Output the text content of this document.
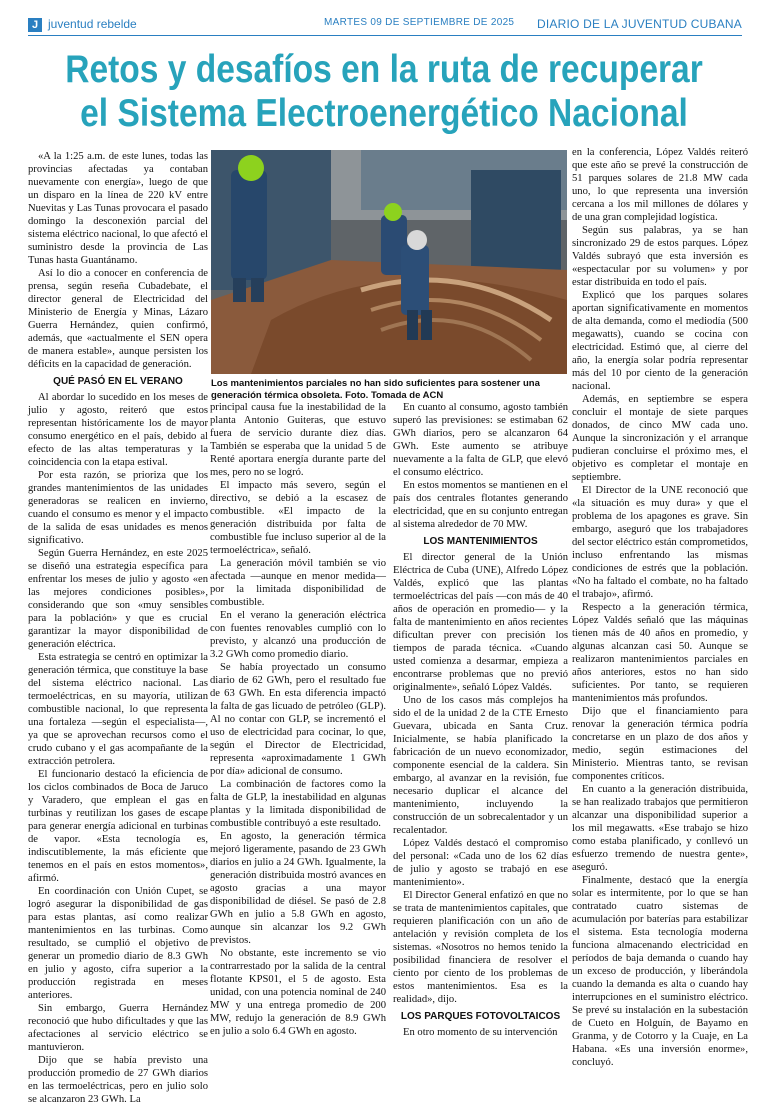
J juventud rebelde	MARTES 09 DE SEPTIEMBRE DE 2025 DIARIO DE LA JUVENTUD CUBANA
Retos y desafíos en la ruta de recuperar
el Sistema Electroenergético Nacional

«A la 1:25 a.m. de este lunes, todas las provincias afectadas ya contaban nuevamente con energía», luego de que un disparo en la línea de 220 kV entre Nuevitas y Las Tunas provocara el pasado domingo la desconexión parcial del sistema eléctrico nacional, lo que afectó el suministro desde la provincia de Las Tunas hasta Guantánamo.

Así lo dio a conocer en conferencia de prensa, según reseña Cubadebate, el director general de Electricidad del Ministerio de Energía y Minas, Lázaro Guerra Hernández, quien confirmó, además, que «actualmente el SEN opera de manera estable», aunque persisten los déficits en la capacidad de generación.

QUÉ PASÓ EN EL VERANO

Al abordar lo sucedido en los meses de julio y agosto, reiteró que estos representan históricamente los de mayor consumo energético en el país, debido al efecto de las altas temperaturas y la coincidencia con la etapa estival.

Por esta razón, se prioriza que los grandes mantenimientos de las unidades generadoras se realicen en invierno, cuando el consumo es menor y el impacto de la salida de esas unidades es menos significativo.

Según Guerra Hernández, en este 2025 se diseñó una estrategia específica para enfrentar los meses de julio y agosto «en las mejores condiciones posibles», considerando que son «muy sensibles para la población» y que es crucial garantizar la mayor disponibilidad de generación eléctrica.

Esta estrategia se centró en optimizar la generación térmica, que constituye la base del sistema eléctrico nacional. Las termoeléctricas, en su mayoría, utilizan combustible nacional, lo que representa una fortaleza —según el especialista—, ya que se aprovechan recursos como el crudo cubano y el gas acompañante de la extracción petrolera.

El funcionario destacó la eficiencia de los ciclos combinados de Boca de Jaruco y Varadero, que emplean el gas en turbinas y reutilizan los gases de escape para generar energía adicional en turbinas de vapor. «Esta tecnología es, indiscutiblemente, la más eficiente que tenemos en el país en estos momentos», afirmó.

En coordinación con Unión Cupet, se logró asegurar la disponibilidad de gas para estas plantas, así como realizar mantenimientos en las turbinas. Como resultado, se cumplió el objetivo de generar un promedio diario de 8.3 GWh en julio y agosto, cifra superior a la producción registrada en meses anteriores.

Sin embargo, Guerra Hernández reconoció que hubo dificultades y que las afectaciones al servicio eléctrico se mantuvieron.

Dijo que se había previsto una producción promedio de 27 GWh diarios en las termoeléctricas, pero en julio solo se alcanzaron 23 GWh. La

Los mantenimientos parciales no han sido suficientes para sostener una generación térmica obsoleta. Foto. Tomada de ACN

principal causa fue la inestabilidad de la planta Antonio Guiteras, que estuvo fuera de servicio durante diez días. También se esperaba que la unidad 5 de Renté aportara energía durante parte del mes, pero no se logró.

El impacto más severo, según el directivo, se debió a la escasez de combustible. «El impacto de la generación distribuida por falta de combustible fue incluso superior al de la termoeléctrica», señaló.

La generación móvil también se vio afectada —aunque en menor medida— por la limitada disponibilidad de combustible.

En el verano la generación eléctrica con fuentes renovables cumplió con lo previsto, y alcanzó una producción de 3.2 GWh como promedio diario.

Se había proyectado un consumo diario de 62 GWh, pero el resultado fue de 63 GWh. En esta diferencia impactó la falta de gas licuado de petróleo (GLP). Al no contar con GLP, se incrementó el uso de electricidad para cocinar, lo que, según el Director de Electricidad, representa «aproximadamente 1 GWh por día» adicional de consumo.

La combinación de factores como la falta de GLP, la inestabilidad en algunas plantas y la limitada disponibilidad de combustible contribuyó a este resultado.

En agosto, la generación térmica mejoró ligeramente, pasando de 23 GWh diarios en julio a 24 GWh. Igualmente, la generación distribuida mostró avances en agosto gracias a una mayor disponibilidad de diésel. Se pasó de 2.8 GWh en julio a 5.8 GWh en agosto, aunque sin alcanzar los 9.2 GWh previstos.

No obstante, este incremento se vio contrarrestado por la salida de la central flotante KPS01, el 5 de agosto. Esta unidad, con una potencia nominal de 240 MW y una entrega promedio de 200 MW, redujo la generación de 8.9 GWh en julio a solo 6.4 GWh en agosto.

En cuanto al consumo, agosto también superó las previsiones: se estimaban 62 GWh diarios, pero se alcanzaron 64 GWh. Este aumento se atribuye nuevamente a la falta de GLP, que elevó el consumo eléctrico.

En estos momentos se mantienen en el país dos centrales flotantes generando electricidad, que en su conjunto entregan al sistema alrededor de 70 MW.

LOS MANTENIMIENTOS

El director general de la Unión Eléctrica de Cuba (UNE), Alfredo López Valdés, explicó que las plantas termoeléctricas del país —con más de 40 años de operación en promedio— y la falta de mantenimiento en años recientes dificultan prever con precisión los tiempos de parada técnica. «Cuando usted comienza a desarmar, empieza a encontrarse problemas que no previó originalmente», señaló López Valdés.

Uno de los casos más complejos ha sido el de la unidad 2 de la CTE Ernesto Guevara, ubicada en Santa Cruz. Inicialmente, se había planificado la fabricación de un nuevo economizador, componente esencial de la caldera. Sin embargo, al avanzar en la revisión, fue necesario duplicar el alcance del mantenimiento, incluyendo la construcción de un sobrecalentador y un recalentador.

López Valdés destacó el compromiso del personal: «Cada uno de los 62 días de julio y agosto se trabajó en ese mantenimiento».

El Director General enfatizó en que no se trata de mantenimientos capitales, que requieren planificación con un año de antelación y revisión completa de los sistemas. «Nosotros no hemos tenido la posibilidad financiera de resolver el ciento por ciento de los problemas de estos mantenimientos. Esa es la realidad», dijo.

LOS PARQUES FOTOVOLTAICOS

En otro momento de su intervención

en la conferencia, López Valdés reiteró que este año se prevé la construcción de 51 parques solares de 21.8 MW cada uno, lo que representa una inversión cercana a los mil millones de dólares y de una gran complejidad logística.

Según sus palabras, ya se han sincronizado 29 de estos parques. López Valdés subrayó que esta inversión es «espectacular por su volumen» y por estar distribuida en todo el país.

Explicó que los parques solares aportan significativamente en momentos de alta demanda, como el mediodía (500 megawatts), cuando se cocina con electricidad. Estimó que, al cierre del año, la energía solar podría representar más del 10 por ciento de la generación nacional.

Además, en septiembre se espera concluir el montaje de siete parques donados, de cinco MW cada uno. Aunque la sincronización y el arranque pudieran concluirse el próximo mes, el objetivo es completar el montaje en septiembre.

El Director de la UNE reconoció que «la situación es muy dura» y que el problema de los apagones es grave. Sin embargo, aseguró que los trabajadores del sector eléctrico están comprometidos, incluso enfrentando las mismas condiciones de estrés que la población. «No ha faltado el combate, no ha faltado el trabajo», afirmó.

Respecto a la generación térmica, López Valdés señaló que las máquinas tienen más de 40 años en promedio, y algunas alcanzan casi 50. Aunque se realizaron mantenimientos parciales en años anteriores, estos no han sido suficientes. Por tanto, se requieren mantenimientos más profundos.

Dijo que el financiamiento para renovar la generación térmica podría concretarse en un plazo de dos años y medio, según estimaciones del Ministerio. Mientras tanto, se revisan componentes críticos.

En cuanto a la generación distribuida, se han realizado trabajos que permitieron alcanzar una disponibilidad superior a los mil megawatts. «Ese trabajo se hizo como estaba planificado, y conllevó un esfuerzo tremendo de nuestra gente», aseguró.

Finalmente, destacó que la energía solar es intermitente, por lo que se han contratado cuatro sistemas de acumulación por baterías para estabilizar el sistema. Esta tecnología moderna funciona almacenando electricidad en períodos de baja demanda o cuando hay un exceso de producción, y liberándola cuando la demanda es alta o cuando hay interrupciones en el suministro eléctrico. Se prevé su instalación en la subestación de Cueto en Holguín, de Bayamo en Granma, y de Cotorro y la Cuaje, en La Habana. «Es una inversión enorme», concluyó.
